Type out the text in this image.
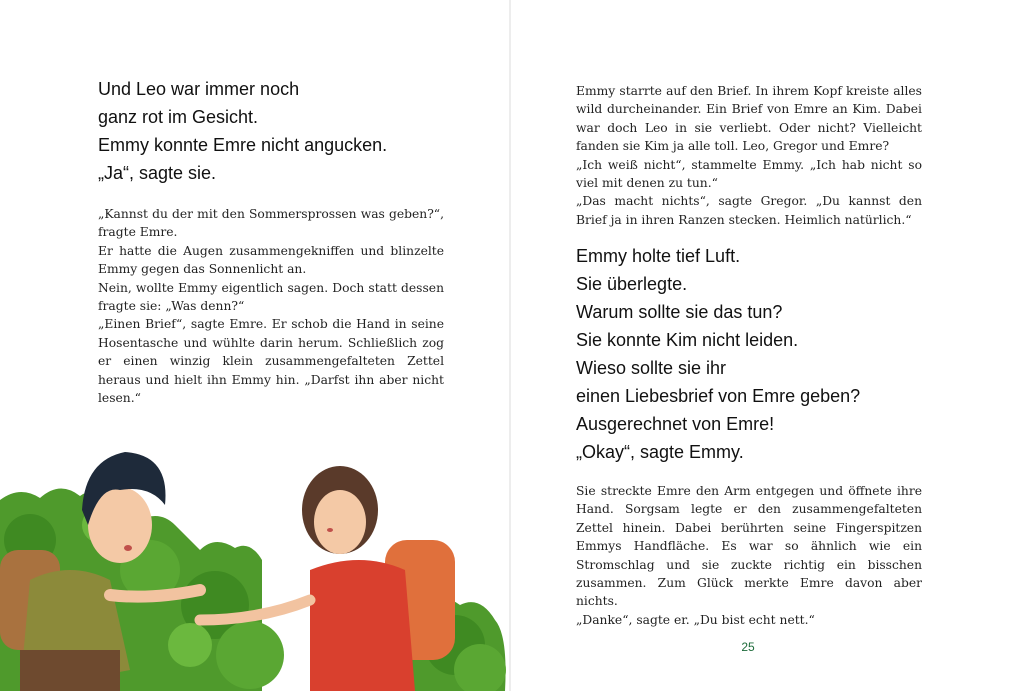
Und Leo war immer noch
ganz rot im Gesicht.
Emmy konnte Emre nicht angucken.
„Ja“, sagte sie.

„Kannst du der mit den Sommersprossen was geben?“, fragte Emre.

Er hatte die Augen zusammengekniffen und blinzelte Emmy gegen das Sonnenlicht an.

Nein, wollte Emmy eigentlich sagen. Doch statt dessen fragte sie: „Was denn?“

„Einen Brief“, sagte Emre. Er schob die Hand in seine Hosentasche und wühlte darin herum. Schließlich zog er einen winzig klein zusammengefalteten Zettel heraus und hielt ihn Emmy hin. „Darfst ihn aber nicht lesen.“

Emmy starrte auf den Brief. In ihrem Kopf kreiste alles wild durcheinander. Ein Brief von Emre an Kim. Dabei war doch Leo in sie verliebt. Oder nicht? Vielleicht fanden sie Kim ja alle toll. Leo, Gregor und Emre?

„Ich weiß nicht“, stammelte Emmy. „Ich hab nicht so viel mit denen zu tun.“

„Das macht nichts“, sagte Gregor. „Du kannst den Brief ja in ihren Ranzen stecken. Heimlich natürlich.“

Emmy holte tief Luft.
Sie überlegte.
Warum sollte sie das tun?
Sie konnte Kim nicht leiden.
Wieso sollte sie ihr
einen Liebesbrief von Emre geben?
Ausgerechnet von Emre!
„Okay“, sagte Emmy.

Sie streckte Emre den Arm entgegen und öffnete ihre Hand. Sorgsam legte er den zusammengefalteten Zettel hinein. Dabei berührten seine Fingerspitzen Emmys Handfläche. Es war so ähnlich wie ein Stromschlag und sie zuckte richtig ein bisschen zusammen. Zum Glück merkte Emre davon aber nichts.

„Danke“, sagte er. „Du bist echt nett.“

25
